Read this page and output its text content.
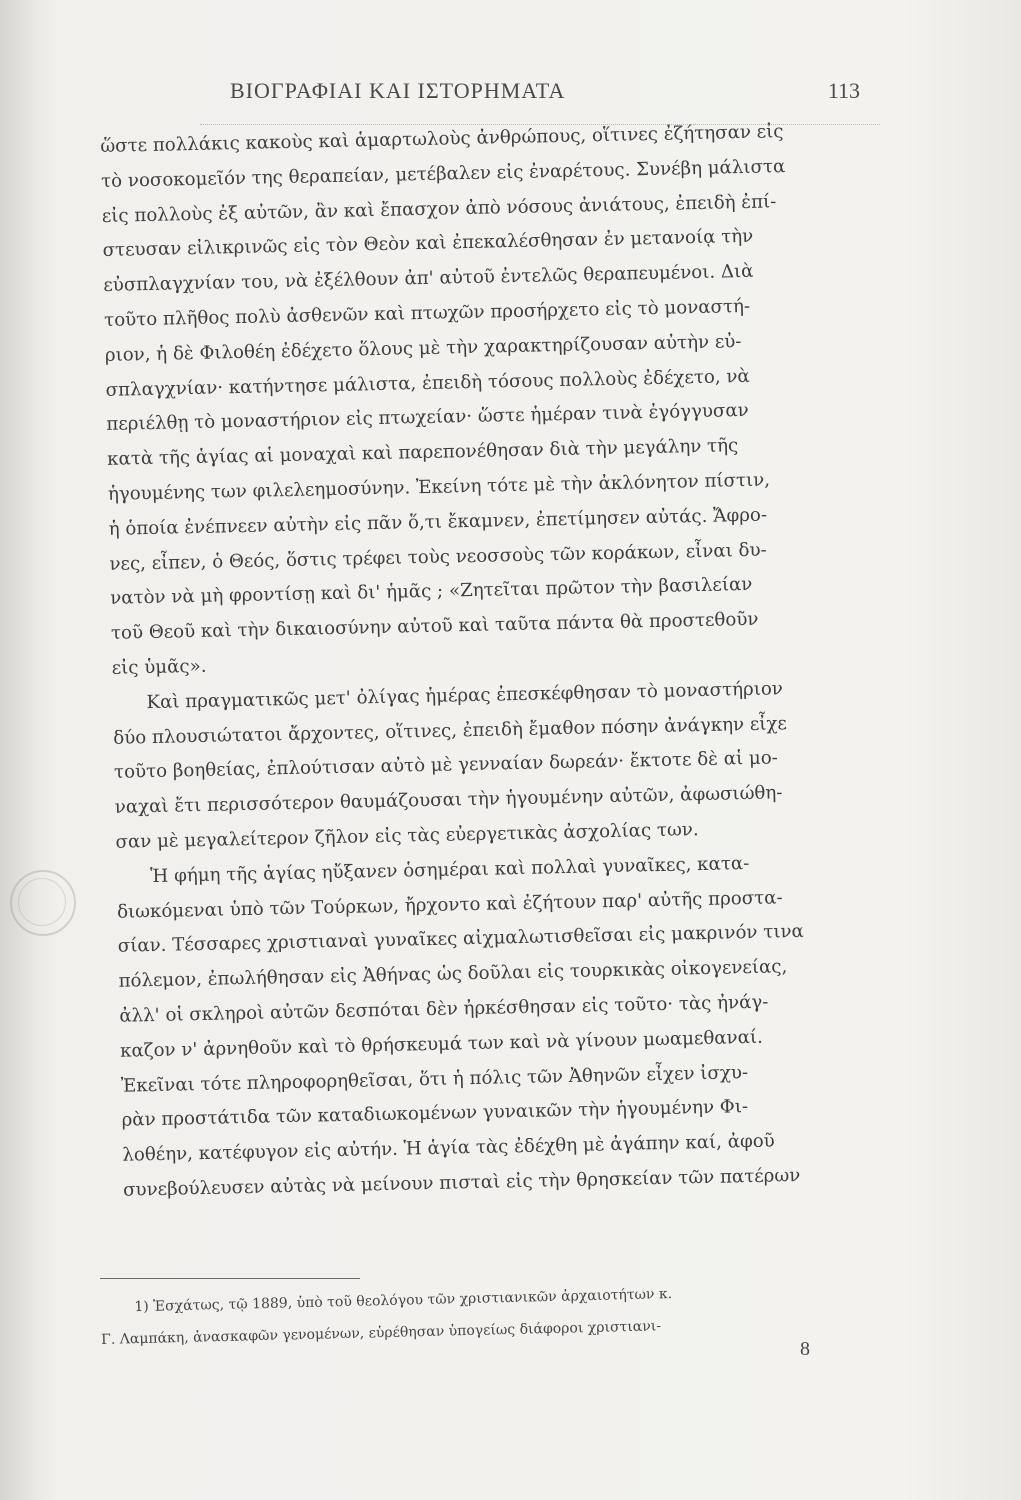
ΒΙΟΓΡΑΦΙΑΙ ΚΑΙ ΙΣΤΟΡΗΜΑΤΑ	113
ὥστε πολλάκις κακοὺς καὶ ἁμαρτωλοὺς ἀνθρώπους, οἵτινες ἐζήτησαν εἰς
τὸ νοσοκομεῖόν της θεραπείαν, μετέβαλεν εἰς ἐναρέτους. Συνέβη μάλιστα
εἰς πολλοὺς ἐξ αὐτῶν, ἂν καὶ ἔπασχον ἀπὸ νόσους ἀνιάτους, ἐπειδὴ ἐπί-
στευσαν εἰλικρινῶς εἰς τὸν Θεὸν καὶ ἐπεκαλέσθησαν ἐν μετανοίᾳ τὴν
εὐσπλαγχνίαν του, νὰ ἐξέλθουν ἀπ' αὐτοῦ ἐντελῶς θεραπευμένοι. Διὰ
τοῦτο πλῆθος πολὺ ἀσθενῶν καὶ πτωχῶν προσήρχετο εἰς τὸ μοναστή-
ριον, ἡ δὲ Φιλοθέη ἐδέχετο ὅλους μὲ τὴν χαρακτηρίζουσαν αὐτὴν εὐ-
σπλαγχνίαν· κατήντησε μάλιστα, ἐπειδὴ τόσους πολλοὺς ἐδέχετο, νὰ
περιέλθῃ τὸ μοναστήριον εἰς πτωχείαν· ὥστε ἡμέραν τινὰ ἐγόγγυσαν
κατὰ τῆς ἁγίας αἱ μοναχαὶ καὶ παρεπονέθησαν διὰ τὴν μεγάλην τῆς
ἡγουμένης των φιλελεημοσύνην. Ἐκείνη τότε μὲ τὴν ἀκλόνητον πίστιν,
ἡ ὁποία ἐνέπνεεν αὐτὴν εἰς πᾶν ὅ,τι ἔκαμνεν, ἐπετίμησεν αὐτάς. Ἄφρο-
νες, εἶπεν, ὁ Θεός, ὅστις τρέφει τοὺς νεοσσοὺς τῶν κοράκων, εἶναι δυ-
νατὸν νὰ μὴ φροντίσῃ καὶ δι' ἡμᾶς ; «Ζητεῖται πρῶτον τὴν βασιλείαν
τοῦ Θεοῦ καὶ τὴν δικαιοσύνην αὐτοῦ καὶ ταῦτα πάντα θὰ προστεθοῦν
εἰς ὑμᾶς».
Καὶ πραγματικῶς μετ' ὀλίγας ἡμέρας ἐπεσκέφθησαν τὸ μοναστήριον
δύο πλουσιώτατοι ἄρχοντες, οἵτινες, ἐπειδὴ ἔμαθον πόσην ἀνάγκην εἶχε
τοῦτο βοηθείας, ἐπλούτισαν αὐτὸ μὲ γενναίαν δωρεάν· ἔκτοτε δὲ αἱ μο-
ναχαὶ ἔτι περισσότερον θαυμάζουσαι τὴν ἡγουμένην αὐτῶν, ἀφωσιώθη-
σαν μὲ μεγαλείτερον ζῆλον εἰς τὰς εὐεργετικὰς ἀσχολίας των.
Ἡ φήμη τῆς ἁγίας ηὔξανεν ὁσημέραι καὶ πολλαὶ γυναῖκες, κατα-
διωκόμεναι ὑπὸ τῶν Τούρκων, ἤρχοντο καὶ ἐζήτουν παρ' αὐτῆς προστα-
σίαν. Τέσσαρες χριστιαναὶ γυναῖκες αἰχμαλωτισθεῖσαι εἰς μακρινόν τινα
πόλεμον, ἐπωλήθησαν εἰς Ἀθήνας ὡς δοῦλαι εἰς τουρκικὰς οἰκογενείας,
ἀλλ' οἱ σκληροὶ αὐτῶν δεσπόται δὲν ἠρκέσθησαν εἰς τοῦτο· τὰς ἠνάγ-
καζον ν' ἀρνηθοῦν καὶ τὸ θρήσκευμά των καὶ νὰ γίνουν μωαμεθαναί.
Ἐκεῖναι τότε πληροφορηθεῖσαι, ὅτι ἡ πόλις τῶν Ἀθηνῶν εἶχεν ἰσχυ-
ρὰν προστάτιδα τῶν καταδιωκομένων γυναικῶν τὴν ἡγουμένην Φι-
λοθέην, κατέφυγον εἰς αὐτήν. Ἡ ἁγία τὰς ἐδέχθη μὲ ἀγάπην καί, ἀφοῦ
συνεβούλευσεν αὐτὰς νὰ μείνουν πισταὶ εἰς τὴν θρησκείαν τῶν πατέρων
1) Ἐσχάτως, τῷ 1889, ὑπὸ τοῦ θεολόγου τῶν χριστιανικῶν ἀρχαιοτήτων κ.
Γ. Λαμπάκη, ἀνασκαφῶν γενομένων, εὑρέθησαν ὑπογείως διάφοροι χριστιανι-
8
